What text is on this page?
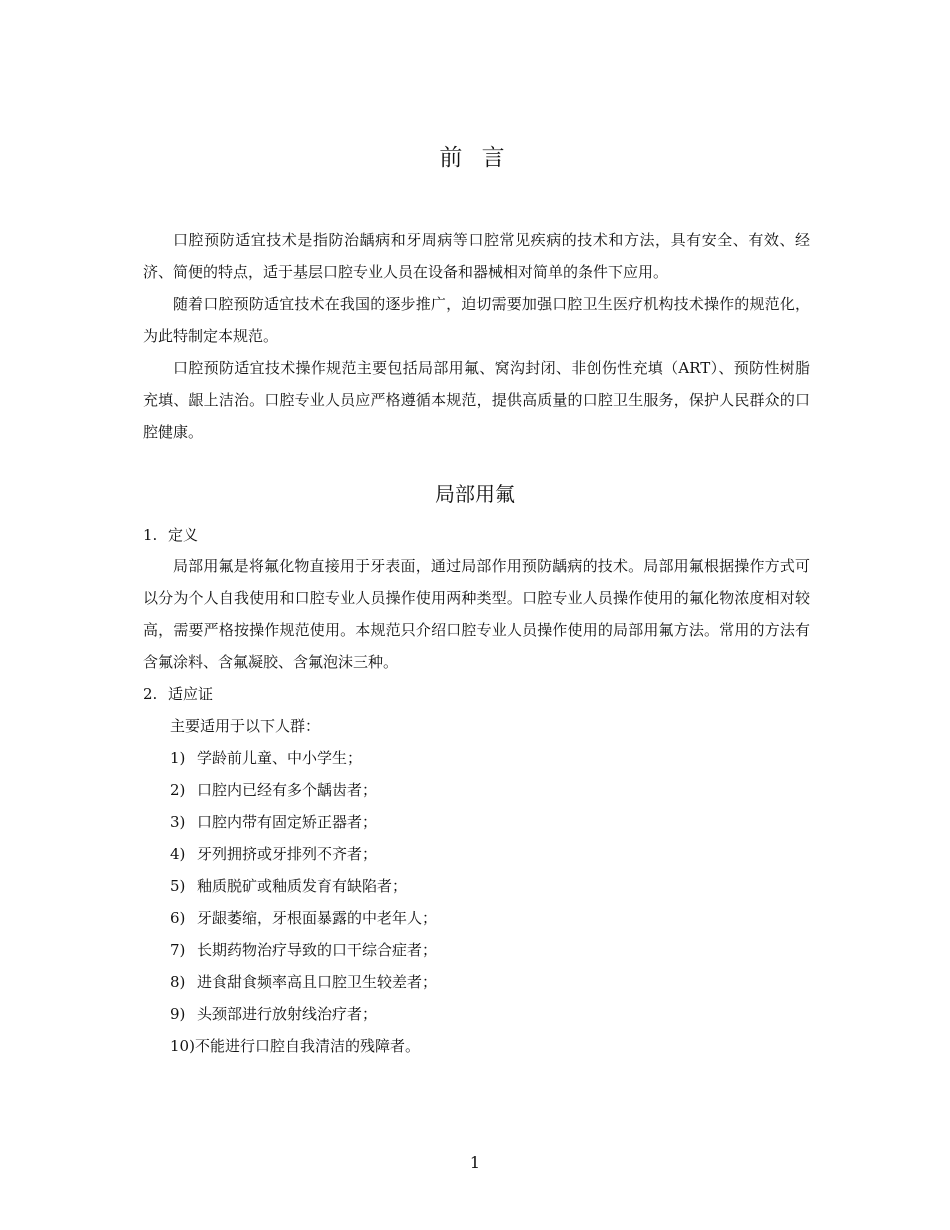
前 言
口腔预防适宜技术是指防治龋病和牙周病等口腔常见疾病的技术和方法，具有安全、有效、经济、简便的特点，适于基层口腔专业人员在设备和器械相对简单的条件下应用。
随着口腔预防适宜技术在我国的逐步推广，迫切需要加强口腔卫生医疗机构技术操作的规范化，为此特制定本规范。
口腔预防适宜技术操作规范主要包括局部用氟、窝沟封闭、非创伤性充填（ART）、预防性树脂充填、龈上洁治。口腔专业人员应严格遵循本规范，提供高质量的口腔卫生服务，保护人民群众的口腔健康。
局部用氟
1. 定义
局部用氟是将氟化物直接用于牙表面，通过局部作用预防龋病的技术。局部用氟根据操作方式可以分为个人自我使用和口腔专业人员操作使用两种类型。口腔专业人员操作使用的氟化物浓度相对较高，需要严格按操作规范使用。本规范只介绍口腔专业人员操作使用的局部用氟方法。常用的方法有含氟涂料、含氟凝胶、含氟泡沫三种。
2. 适应证
主要适用于以下人群：
1) 学龄前儿童、中小学生；
2) 口腔内已经有多个龋齿者；
3) 口腔内带有固定矫正器者；
4) 牙列拥挤或牙排列不齐者；
5) 釉质脱矿或釉质发育有缺陷者；
6) 牙龈萎缩，牙根面暴露的中老年人；
7) 长期药物治疗导致的口干综合症者；
8) 进食甜食频率高且口腔卫生较差者；
9) 头颈部进行放射线治疗者；
10)不能进行口腔自我清洁的残障者。
1
